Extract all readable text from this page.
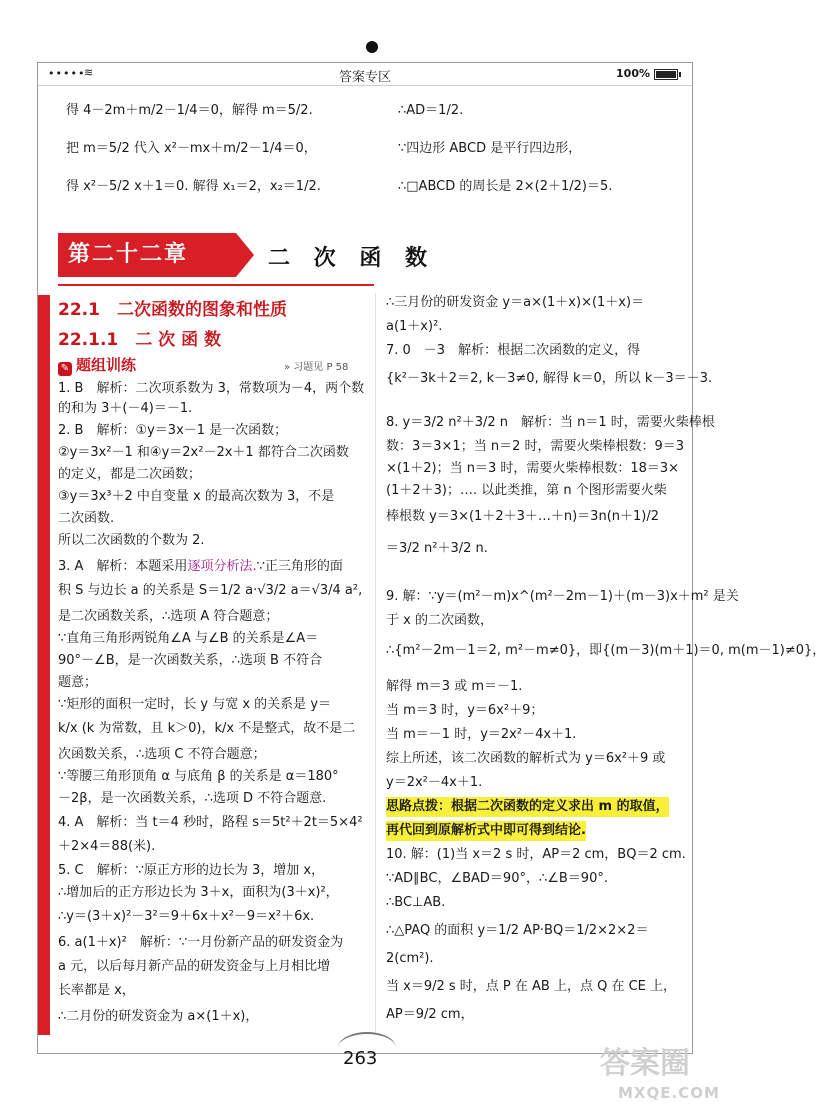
•••••
≋	答案专区	100%
得 4－2m＋m/2－1/4＝0，解得 m＝5/2.
把 m＝5/2 代入 x²－mx＋m/2－1/4＝0，
得 x²－5/2 x＋1＝0. 解得 x₁＝2，x₂＝1/2.
∴AD＝1/2.
∵四边形 ABCD 是平行四边形，
∴□ABCD 的周长是 2×(2＋1/2)＝5.
第二十二章	二 次 函 数
22.1　二次函数的图象和性质
22.1.1　二 次 函 数
✎ 题组训练	» 习题见 P 58
1. B　解析：二次项系数为 3，常数项为－4，两个数
的和为 3＋(－4)＝－1.
2. B　解析：①y＝3x－1 是一次函数；
②y＝3x²－1 和④y＝2x²－2x＋1 都符合二次函数
的定义，都是二次函数；
③y＝3x³＋2 中自变量 x 的最高次数为 3，不是
二次函数.
所以二次函数的个数为 2.
3. A　解析：本题采用逐项分析法.∵正三角形的面
积 S 与边长 a 的关系是 S＝1/2 a·√3/2 a＝√3/4 a²,
是二次函数关系，∴选项 A 符合题意；
∵直角三角形两锐角∠A 与∠B 的关系是∠A＝
90°－∠B，是一次函数关系，∴选项 B 不符合
题意；
∵矩形的面积一定时，长 y 与宽 x 的关系是 y＝
k/x (k 为常数，且 k＞0)，k/x 不是整式，故不是二
次函数关系，∴选项 C 不符合题意；
∵等腰三角形顶角 α 与底角 β 的关系是 α＝180°
－2β，是一次函数关系，∴选项 D 不符合题意.
4. A　解析：当 t＝4 秒时，路程 s＝5t²＋2t＝5×4²
＋2×4＝88(米).
5. C　解析：∵原正方形的边长为 3，增加 x，
∴增加后的正方形边长为 3＋x，面积为(3＋x)²，
∴y＝(3＋x)²－3²＝9＋6x＋x²－9＝x²＋6x.
6. a(1＋x)²　解析：∵一月份新产品的研发资金为
a 元，以后每月新产品的研发资金与上月相比增
长率都是 x，
∴二月份的研发资金为 a×(1＋x)，
∴三月份的研发资金 y＝a×(1＋x)×(1＋x)＝
a(1＋x)².
7. 0　－3　解析：根据二次函数的定义，得
{k²－3k＋2＝2, k－3≠0, 解得 k＝0，所以 k－3＝－3.
8. y＝3/2 n²＋3/2 n　解析：当 n＝1 时，需要火柴棒根
数：3＝3×1；当 n＝2 时，需要火柴棒根数：9＝3
×(1＋2)；当 n＝3 时，需要火柴棒根数：18＝3×
(1＋2＋3)；…. 以此类推，第 n 个图形需要火柴
棒根数 y＝3×(1＋2＋3＋…＋n)＝3n(n＋1)/2
＝3/2 n²＋3/2 n.
9. 解：∵y＝(m²－m)x^(m²－2m－1)＋(m－3)x＋m² 是关
于 x 的二次函数，
∴{m²－2m－1＝2, m²－m≠0}，即{(m－3)(m＋1)＝0, m(m－1)≠0}，
解得 m＝3 或 m＝－1.
当 m＝3 时，y＝6x²＋9；
当 m＝－1 时，y＝2x²－4x＋1.
综上所述，该二次函数的解析式为 y＝6x²＋9 或
y＝2x²－4x＋1.
思路点拨：根据二次函数的定义求出 m 的取值，
再代回到原解析式中即可得到结论.
10. 解：(1)当 x＝2 s 时，AP＝2 cm，BQ＝2 cm.
∵AD∥BC，∠BAD＝90°，∴∠B＝90°.
∴BC⊥AB.
∴△PAQ 的面积 y＝1/2 AP·BQ＝1/2×2×2＝
2(cm²).
当 x＝9/2 s 时，点 P 在 AB 上，点 Q 在 CE 上，
AP＝9/2 cm，
263	答案圈
MXQE.COM
